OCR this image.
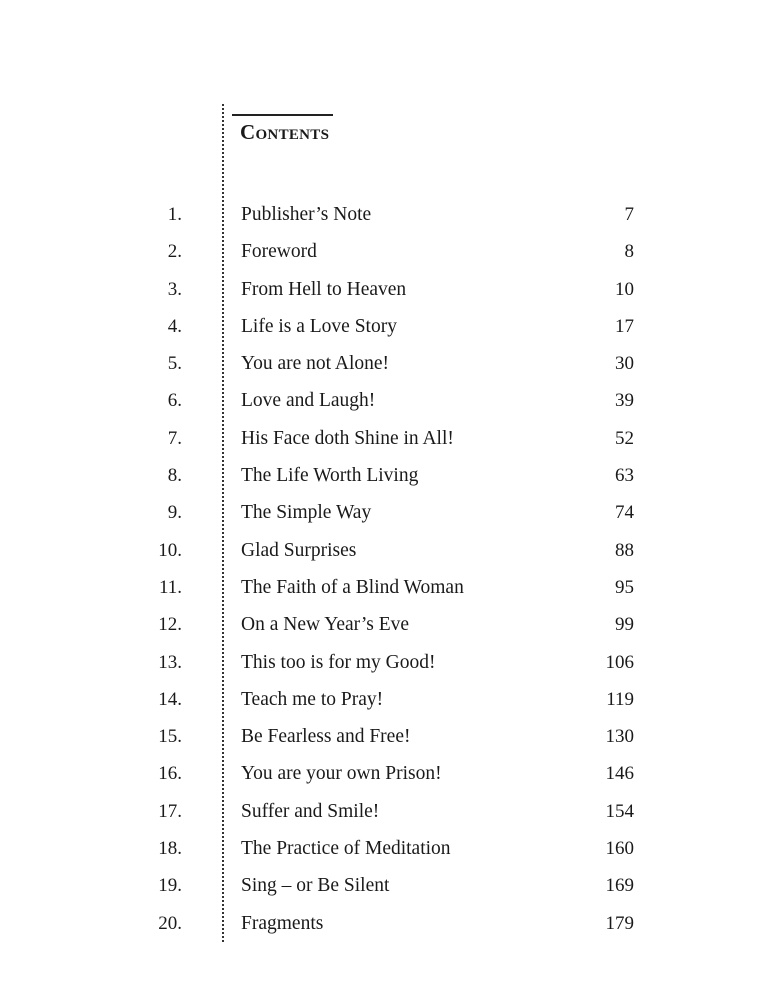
Contents
1.	Publisher’s Note	7
2.	Foreword	8
3.	From Hell to Heaven	10
4.	Life is a Love Story	17
5.	You are not Alone!	30
6.	Love and Laugh!	39
7.	His Face doth Shine in All!	52
8.	The Life Worth Living	63
9.	The Simple Way	74
10.	Glad Surprises	88
11.	The Faith of a Blind Woman	95
12.	On a New Year’s Eve	99
13.	This too is for my Good!	106
14.	Teach me to Pray!	119
15.	Be Fearless and Free!	130
16.	You are your own Prison!	146
17.	Suffer and Smile!	154
18.	The Practice of Meditation	160
19.	Sing – or Be Silent	169
20.	Fragments	179
